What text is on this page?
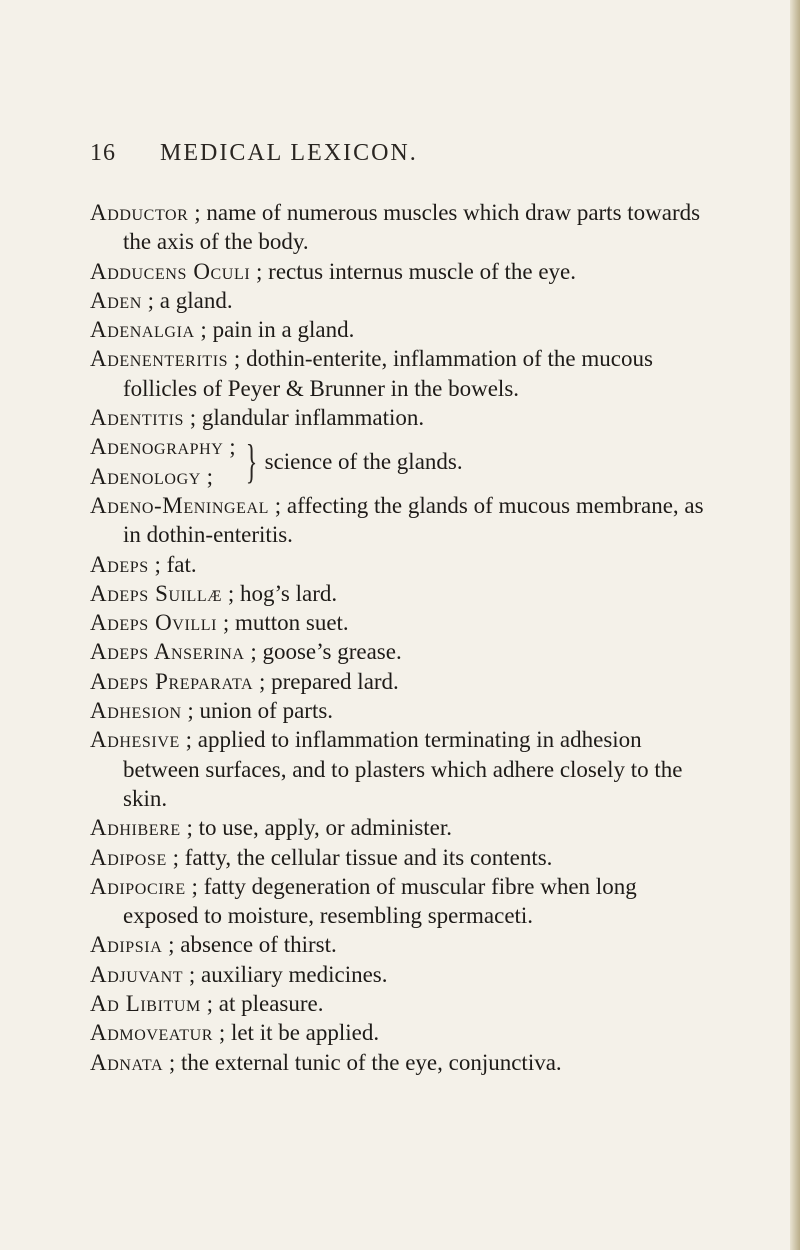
16 MEDICAL LEXICON.
Adductor ; name of numerous muscles which draw parts towards the axis of the body.
Adducens Oculi ; rectus internus muscle of the eye.
Aden ; a gland.
Adenalgia ; pain in a gland.
Adenenteritis ; dothin-enterite, inflammation of the mucous follicles of Peyer & Brunner in the bowels.
Adentitis ; glandular inflammation.
Adenography ;
Adenology ; } science of the glands.
Adeno-Meningeal ; affecting the glands of mucous membrane, as in dothin-enteritis.
Adeps ; fat.
Adeps Suillæ ; hog’s lard.
Adeps Ovilli ; mutton suet.
Adeps Anserina ; goose’s grease.
Adeps Preparata ; prepared lard.
Adhesion ; union of parts.
Adhesive ; applied to inflammation terminating in adhesion between surfaces, and to plasters which adhere closely to the skin.
Adhibere ; to use, apply, or administer.
Adipose ; fatty, the cellular tissue and its contents.
Adipocire ; fatty degeneration of muscular fibre when long exposed to moisture, resembling spermaceti.
Adipsia ; absence of thirst.
Adjuvant ; auxiliary medicines.
Ad Libitum ; at pleasure.
Admoveatur ; let it be applied.
Adnata ; the external tunic of the eye, conjunctiva.
